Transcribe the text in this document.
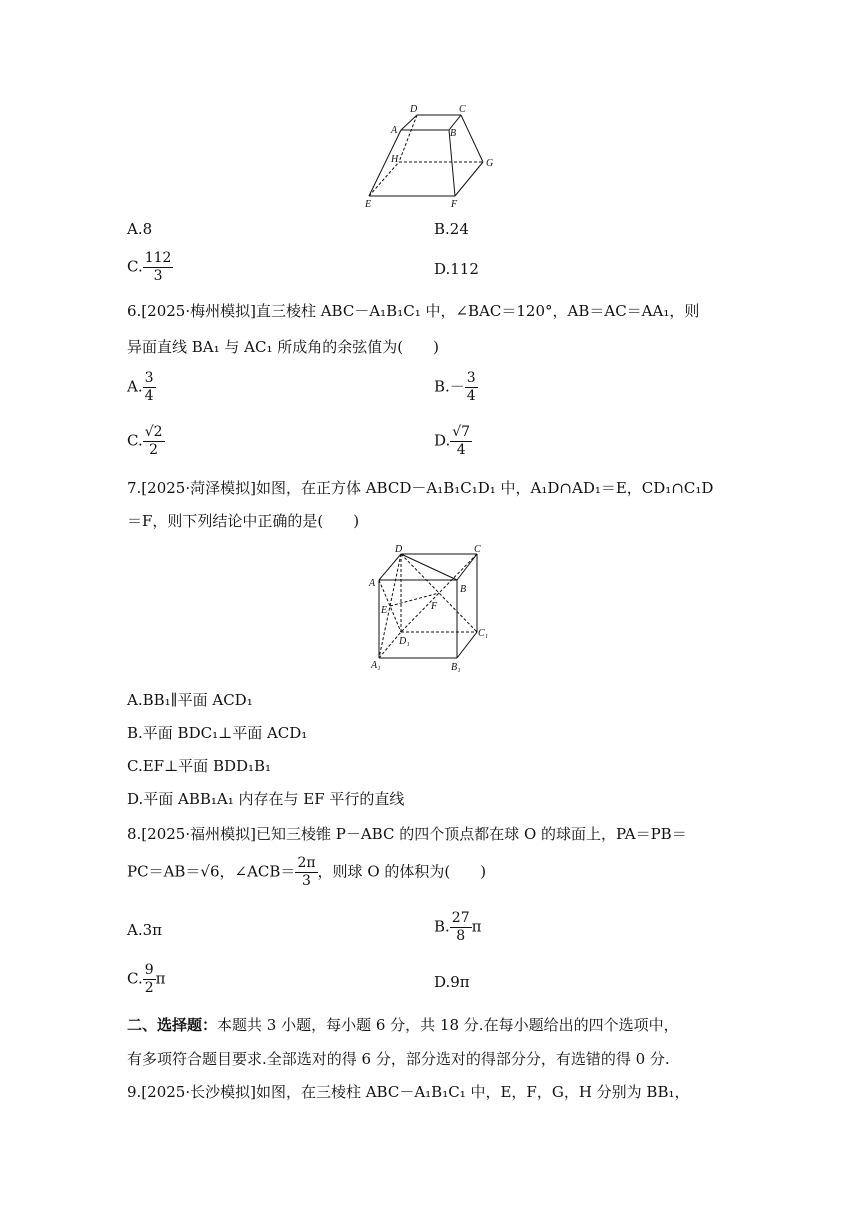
D	C
A	B
H	G
E	F
A.8	B.24
C. $\frac{112}{3}$	D.112
6.[2025·梅州模拟]直三棱柱 ABC－A₁B₁C₁ 中，∠BAC＝120°，AB＝AC＝AA₁，则
异面直线 BA₁ 与 AC₁ 所成角的余弦值为(　　)
A. $\frac{3}{4}$	$B.- \frac{3}{4}$
C. $\frac{√2}{2}$	D. $\frac{√7}{4}$
7.[2025·菏泽模拟]如图，在正方体 ABCD－A₁B₁C₁D₁ 中，A₁D∩AD₁＝E，CD₁∩C₁D
＝F，则下列结论中正确的是(　　)
D	C
A
B
E	F
D₁
C₁
A₁	B₁
A.BB₁∥平面 ACD₁
B.平面 BDC₁⊥平面 ACD₁
C.EF⊥平面 BDD₁B₁
D.平面 ABB₁A₁ 内存在与 EF 平行的直线
8.[2025·福州模拟]已知三棱锥 P－ABC 的四个顶点都在球 O 的球面上，PA＝PB＝
PC＝AB＝√6，∠ACB＝ $\frac{2\pi}{3}$ ，则球 O 的体积为(　　)
A.3π	B. $\frac{27}{8}$ π
C. $\frac{9}{2}$ π	D.9π
二、选择题：本题共 3 小题，每小题 6 分，共 18 分.在每小题给出的四个选项中，
有多项符合题目要求.全部选对的得 6 分，部分选对的得部分分，有选错的得 0 分.
9.[2025·长沙模拟]如图，在三棱柱 ABC－A₁B₁C₁ 中，E，F，G，H 分别为 BB₁，
